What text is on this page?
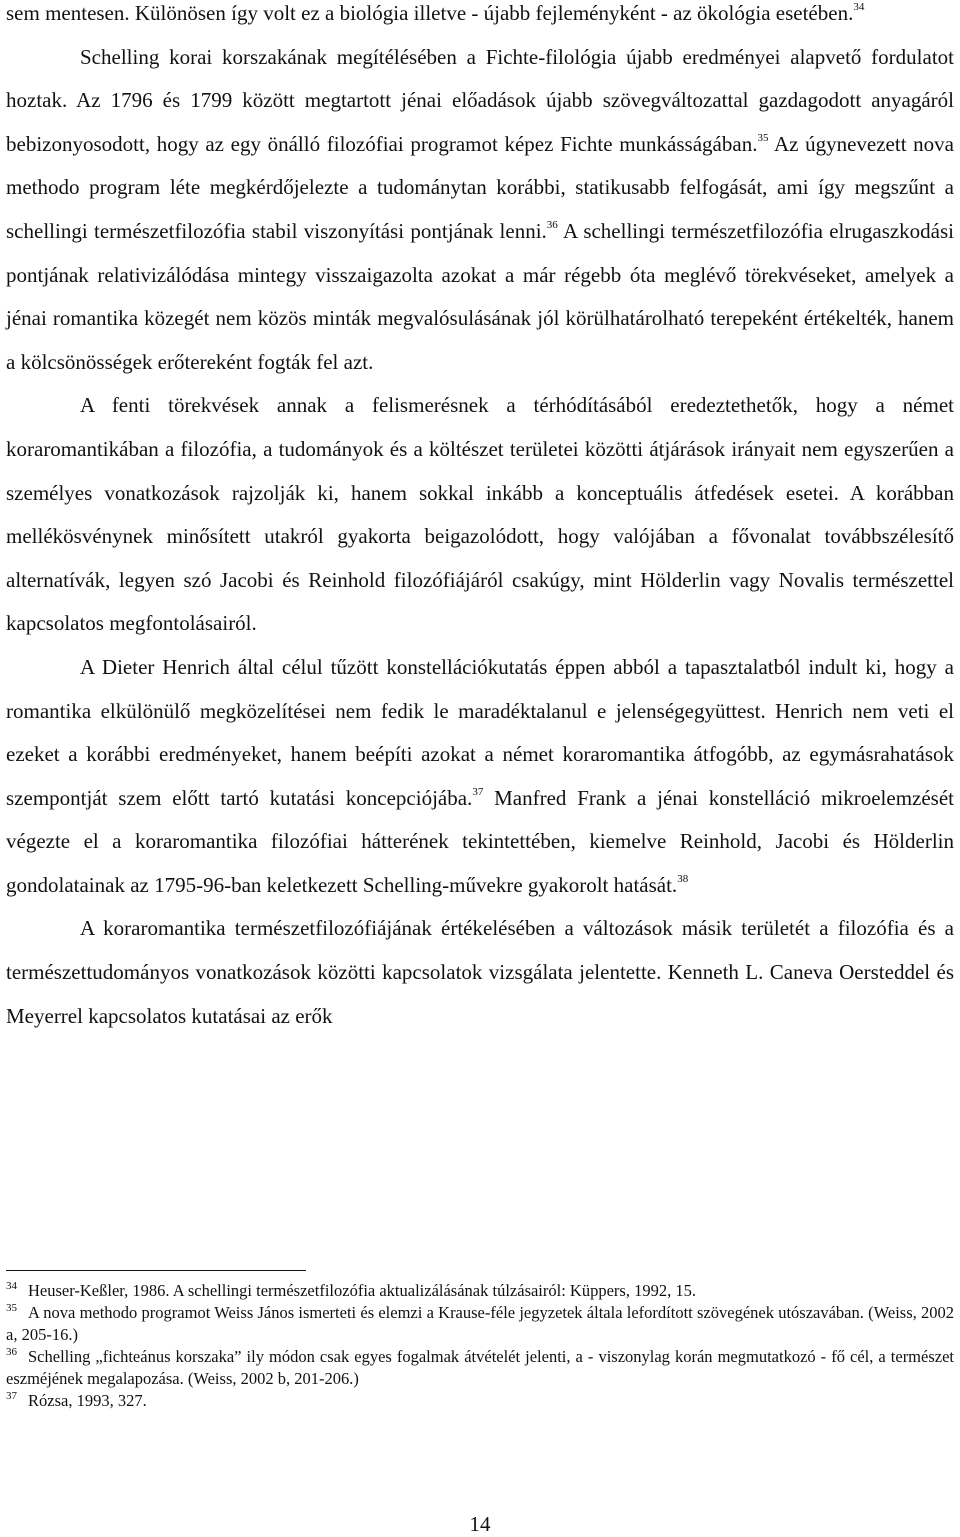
sem mentesen. Különösen így volt ez a biológia illetve - újabb fejleményként - az ökológia esetében.$^{34}$

Schelling korai korszakának megítélésében a Fichte-filológia újabb eredményei alapvető fordulatot hoztak. Az 1796 és 1799 között megtartott jénai előadások újabb szövegváltozattal gazdagodott anyagáról bebizonyosodott, hogy az egy önálló filozófiai programot képez Fichte munkásságában.$^{35}$ Az úgynevezett nova methodo program léte megkérdőjelezte a tudománytan korábbi, statikusabb felfogását, ami így megszűnt a schellingi természetfilozófia stabil viszonyítási pontjának lenni.$^{36}$ A schellingi természetfilozófia elrugaszkodási pontjának relativizálódása mintegy visszaigazolta azokat a már régebb óta meglévő törekvéseket, amelyek a jénai romantika közegét nem közös minták megvalósulásának jól körülhatárolható terepeként értékelték, hanem a kölcsönösségek erőtereként fogták fel azt.

A fenti törekvések annak a felismerésnek a térhódításából eredeztethetők, hogy a német koraromantikában a filozófia, a tudományok és a költészet területei közötti átjárások irányait nem egyszerűen a személyes vonatkozások rajzolják ki, hanem sokkal inkább a konceptuális átfedések esetei. A korábban mellékösvénynek minősített utakról gyakorta beigazolódott, hogy valójában a fővonalat továbbszélesítő alternatívák, legyen szó Jacobi és Reinhold filozófiájáról csakúgy, mint Hölderlin vagy Novalis természettel kapcsolatos megfontolásairól.

A Dieter Henrich által célul tűzött konstellációkutatás éppen abból a tapasztalatból indult ki, hogy a romantika elkülönülő megközelítései nem fedik le maradéktalanul e jelenségegyüttest. Henrich nem veti el ezeket a korábbi eredményeket, hanem beépíti azokat a német koraromantika átfogóbb, az egymásrahatások szempontját szem előtt tartó kutatási koncepciójába.$^{37}$ Manfred Frank a jénai konstelláció mikroelemzését végezte el a koraromantika filozófiai hátterének tekintettében, kiemelve Reinhold, Jacobi és Hölderlin gondolatainak az 1795-96-ban keletkezett Schelling-művekre gyakorolt hatását.$^{38}$

A koraromantika természetfilozófiájának értékelésében a változások másik területét a filozófia és a természettudományos vonatkozások közötti kapcsolatok vizsgálata jelentette. Kenneth L. Caneva Oersteddel és Meyerrel kapcsolatos kutatásai az erők

34 Heuser-Keßler, 1986. A schellingi természetfilozófia aktualizálásának túlzásairól: Küppers, 1992, 15.

35 A nova methodo programot Weiss János ismerteti és elemzi a Krause-féle jegyzetek általa lefordított szövegének utószavában. (Weiss, 2002 a, 205-16.)

36 Schelling „fichteánus korszaka” ily módon csak egyes fogalmak átvételét jelenti, a - viszonylag korán megmutatkozó - fő cél, a természet eszméjének megalapozása. (Weiss, 2002 b, 201-206.)

37 Rózsa, 1993, 327.

14
